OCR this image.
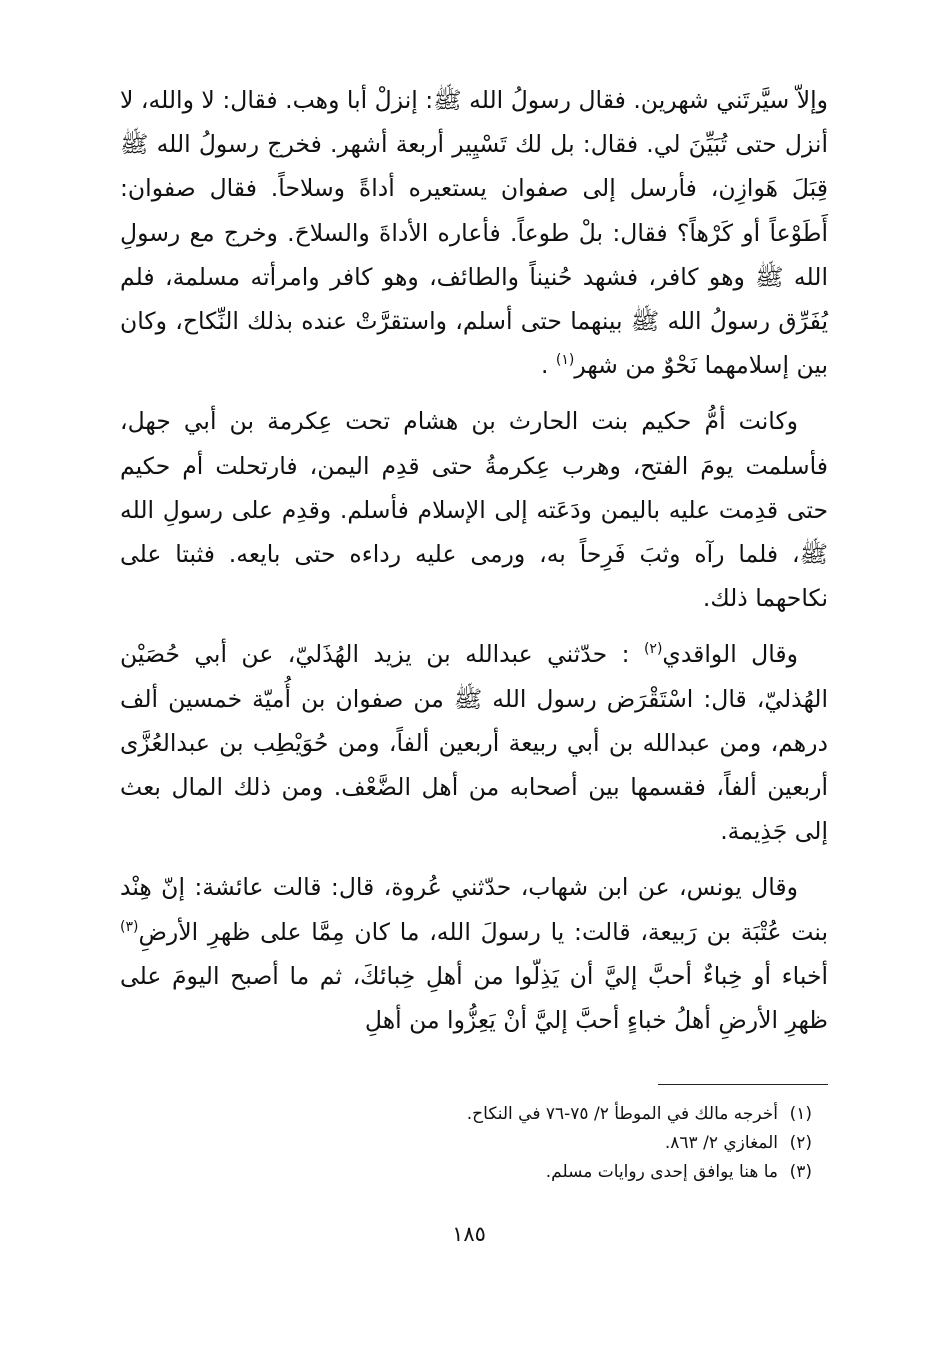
وإلاّ سيَّرتَني شهرين. فقال رسولُ الله ﷺ: إنزلْ أبا وهب. فقال: لا والله، لا أنزل حتى تُبَيِّنَ لي. فقال: بل لك تَسْيِير أربعة أشهر. فخرج رسولُ الله ﷺ قِبَلَ هَوازِن، فأرسل إلى صفوان يستعيره أداةً وسلاحاً. فقال صفوان: أَطَوْعاً أو كَرْهاً؟ فقال: بلْ طوعاً. فأعاره الأداةَ والسلاحَ. وخرج مع رسولِ الله ﷺ وهو كافر، فشهد حُنيناً والطائف، وهو كافر وامرأته مسلمة، فلم يُفَرِّق رسولُ الله ﷺ بينهما حتى أسلم، واستقرَّتْ عنده بذلك النِّكاح، وكان بين إسلامهما نَحْوٌ من شهر$^{(١)}$ .

وكانت أمُّ حكيم بنت الحارث بن هشام تحت عِكرمة بن أبي جهل، فأسلمت يومَ الفتح، وهرب عِكرمةُ حتى قدِم اليمن، فارتحلت أم حكيم حتى قدِمت عليه باليمن ودَعَته إلى الإسلام فأسلم. وقدِم على رسولِ الله ﷺ، فلما رآه وثبَ فَرِحاً به، ورمى عليه رداءه حتى بايعه. فثبتا على نكاحهما ذلك.

وقال الواقدي$^{(٢)}$ : حدّثني عبدالله بن يزيد الهُذَليّ، عن أبي حُصَيْن الهُذليّ، قال: اسْتَقْرَض رسول الله ﷺ من صفوان بن أُميّة خمسين ألف درهم، ومن عبدالله بن أبي ربيعة أربعين ألفاً، ومن حُوَيْطِب بن عبدالعُزَّى أربعين ألفاً، فقسمها بين أصحابه من أهل الضَّعْف. ومن ذلك المال بعث إلى جَذِيمة.

وقال يونس، عن ابن شهاب، حدّثني عُروة، قال: قالت عائشة: إنّ هِنْد بنت عُتْبَة بن رَبيعة، قالت: يا رسولَ الله، ما كان مِمَّا على ظهرِ الأرضِ$^{(٣)}$ أخباء أو خِباءٌ أحبَّ إليَّ أن يَذِلّوا من أهلِ خِبائكَ، ثم ما أصبح اليومَ على ظهرِ الأرضِ أهلُ خباءٍ أحبَّ إليَّ أنْ يَعِزُّوا من أهلِ

(١)أخرجه مالك في الموطأ ٢/ ٧٥-٧٦ في النكاح.
(٢)المغازي ٢/ ٨٦٣.
(٣)ما هنا يوافق إحدى روايات مسلم.
١٨٥
